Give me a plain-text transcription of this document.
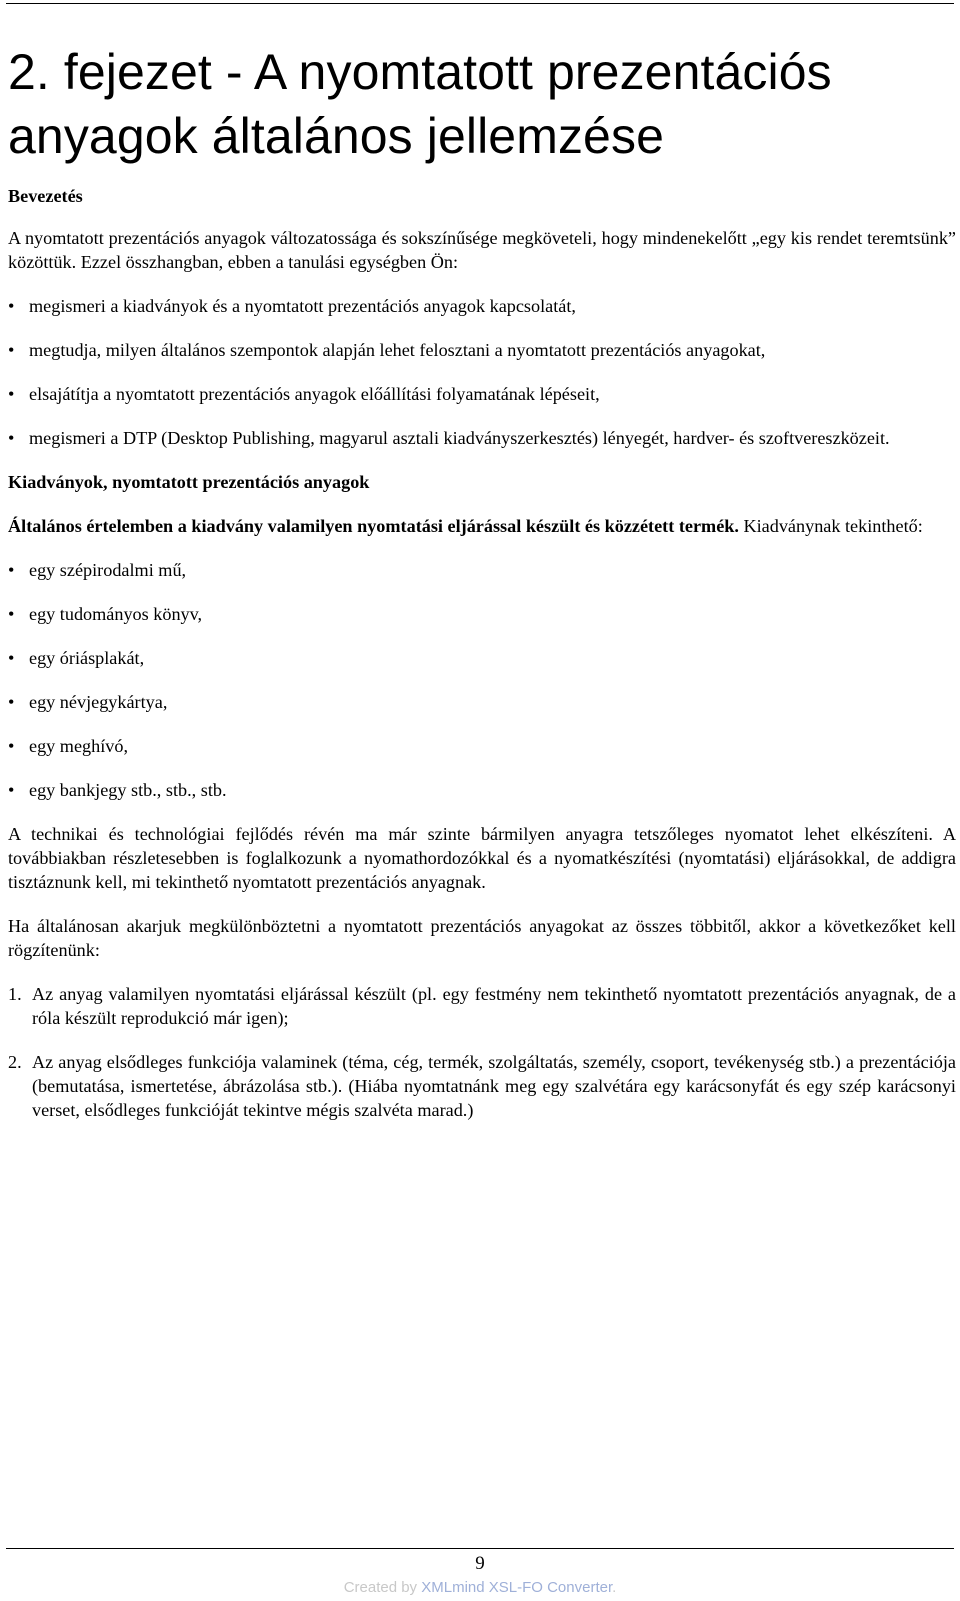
2. fejezet - A nyomtatott prezentációs anyagok általános jellemzése
Bevezetés

A nyomtatott prezentációs anyagok változatossága és sokszínűsége megköveteli, hogy mindenekelőtt „egy kis rendet teremtsünk” közöttük. Ezzel összhangban, ebben a tanulási egységben Ön:

• megismeri a kiadványok és a nyomtatott prezentációs anyagok kapcsolatát,
• megtudja, milyen általános szempontok alapján lehet felosztani a nyomtatott prezentációs anyagokat,
• elsajátítja a nyomtatott prezentációs anyagok előállítási folyamatának lépéseit,
• megismeri a DTP (Desktop Publishing, magyarul asztali kiadványszerkesztés) lényegét, hardver- és szoftvereszközeit.
Kiadványok, nyomtatott prezentációs anyagok

Általános értelemben a kiadvány valamilyen nyomtatási eljárással készült és közzétett termék. Kiadványnak tekinthető:

• egy szépirodalmi mű,
• egy tudományos könyv,
• egy óriásplakát,
• egy névjegykártya,
• egy meghívó,
• egy bankjegy stb., stb., stb.

A technikai és technológiai fejlődés révén ma már szinte bármilyen anyagra tetszőleges nyomatot lehet elkészíteni. A továbbiakban részletesebben is foglalkozunk a nyomathordozókkal és a nyomatkészítési (nyomtatási) eljárásokkal, de addigra tisztáznunk kell, mi tekinthető nyomtatott prezentációs anyagnak.

Ha általánosan akarjuk megkülönböztetni a nyomtatott prezentációs anyagokat az összes többitől, akkor a következőket kell rögzítenünk:

1. Az anyag valamilyen nyomtatási eljárással készült (pl. egy festmény nem tekinthető nyomtatott prezentációs anyagnak, de a róla készült reprodukció már igen);
2. Az anyag elsődleges funkciója valaminek (téma, cég, termék, szolgáltatás, személy, csoport, tevékenység stb.) a prezentációja (bemutatása, ismertetése, ábrázolása stb.). (Hiába nyomtatnánk meg egy szalvétára egy karácsonyfát és egy szép karácsonyi verset, elsődleges funkcióját tekintve mégis szalvéta marad.)
9
Created by XMLmind XSL-FO Converter.
